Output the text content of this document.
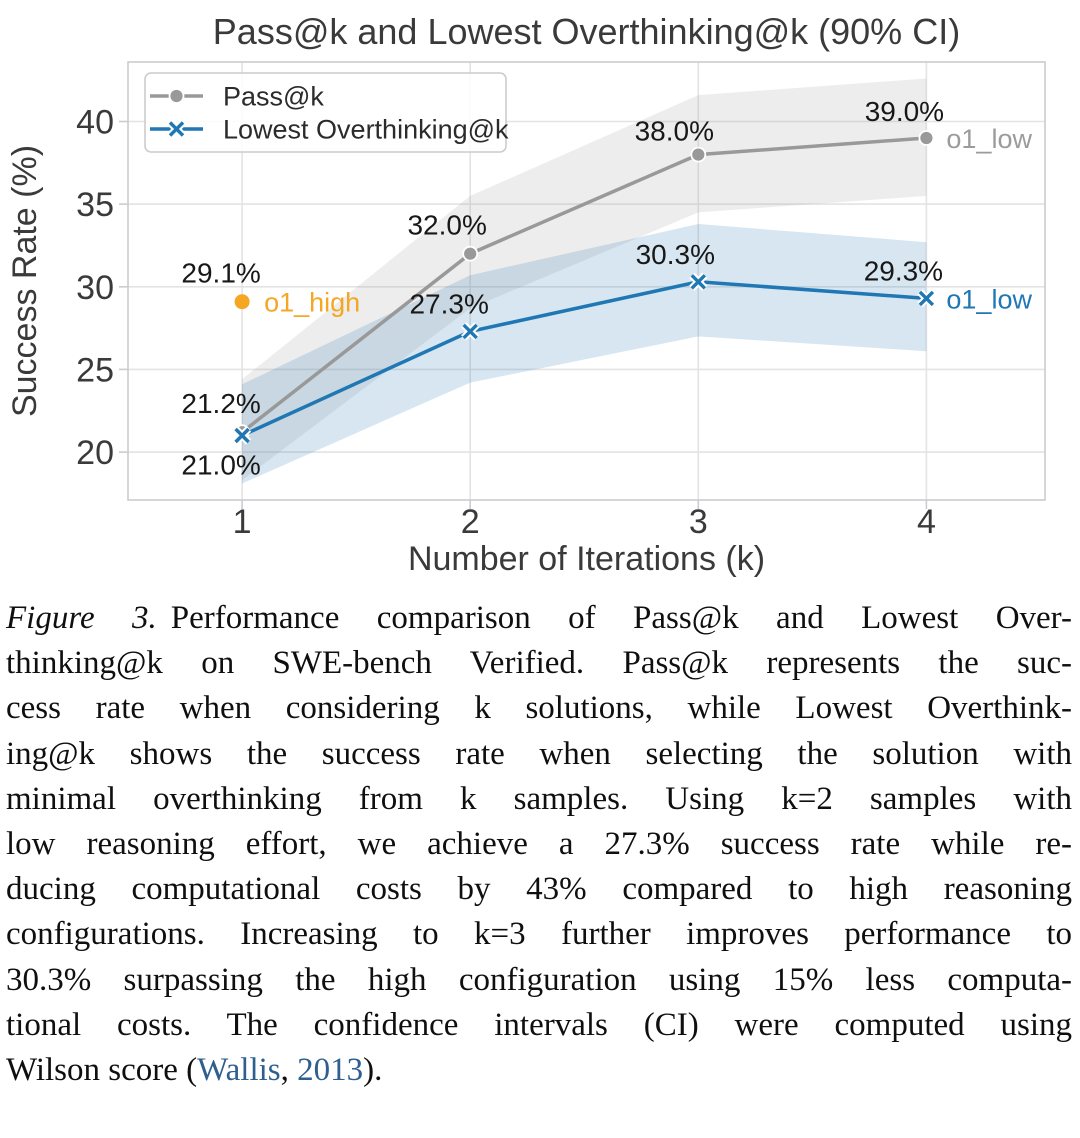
21.2%
32.0%
38.0%
39.0%
o1_low
21.0%
27.3%
30.3%
29.3%
o1_low
29.1%
o1_high
Pass@k
Lowest Overthinking@k
20
25
30
35
40
1	2	3	4
Pass@k and Lowest Overthinking@k (90% CI)
Number of Iterations (k)
Success Rate (%)

Figure 3. Performance comparison of Pass@k and Lowest Over-

thinking@k on SWE-bench Verified. Pass@k represents the suc-

cess rate when considering k solutions, while Lowest Overthink-

ing@k shows the success rate when selecting the solution with

minimal overthinking from k samples. Using k=2 samples with

low reasoning effort, we achieve a 27.3% success rate while re-

ducing computational costs by 43% compared to high reasoning

configurations. Increasing to k=3 further improves performance to

30.3% surpassing the high configuration using 15% less computa-

tional costs. The confidence intervals (CI) were computed using

Wilson score (Wallis, 2013).
